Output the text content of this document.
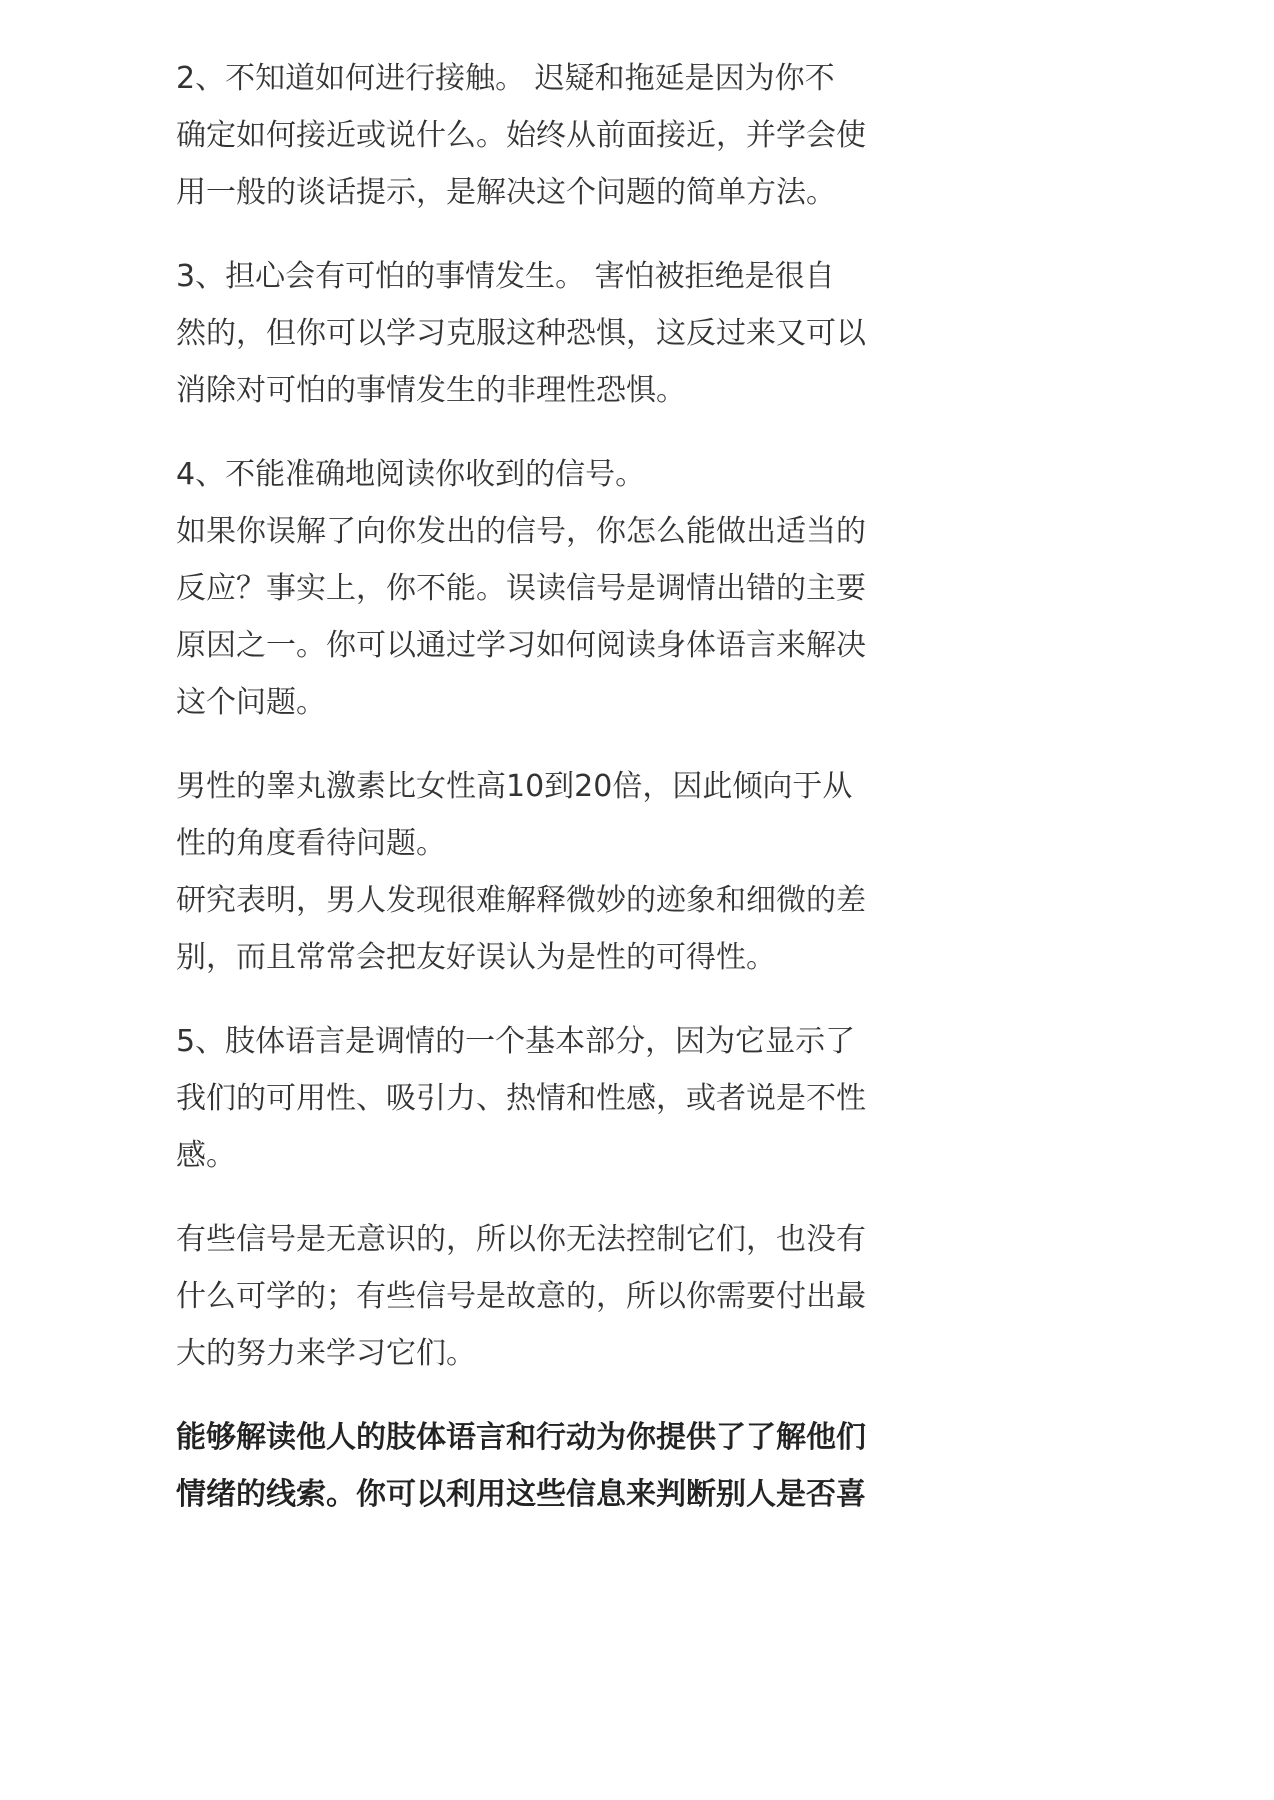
2、不知道如何进行接触。 迟疑和拖延是因为你不
确定如何接近或说什么。始终从前面接近，并学会使
用一般的谈话提示，是解决这个问题的简单方法。
3、担心会有可怕的事情发生。 害怕被拒绝是很自
然的，但你可以学习克服这种恐惧，这反过来又可以
消除对可怕的事情发生的非理性恐惧。
4、不能准确地阅读你收到的信号。
如果你误解了向你发出的信号，你怎么能做出适当的
反应？事实上，你不能。误读信号是调情出错的主要
原因之一。你可以通过学习如何阅读身体语言来解决
这个问题。
男性的睾丸激素比女性高10到20倍，因此倾向于从
性的角度看待问题。
研究表明，男人发现很难解释微妙的迹象和细微的差
别，而且常常会把友好误认为是性的可得性。
5、肢体语言是调情的一个基本部分，因为它显示了
我们的可用性、吸引力、热情和性感，或者说是不性
感。
有些信号是无意识的，所以你无法控制它们，也没有
什么可学的；有些信号是故意的，所以你需要付出最
大的努力来学习它们。
能够解读他人的肢体语言和行动为你提供了了解他们
情绪的线索。你可以利用这些信息来判断别人是否喜
